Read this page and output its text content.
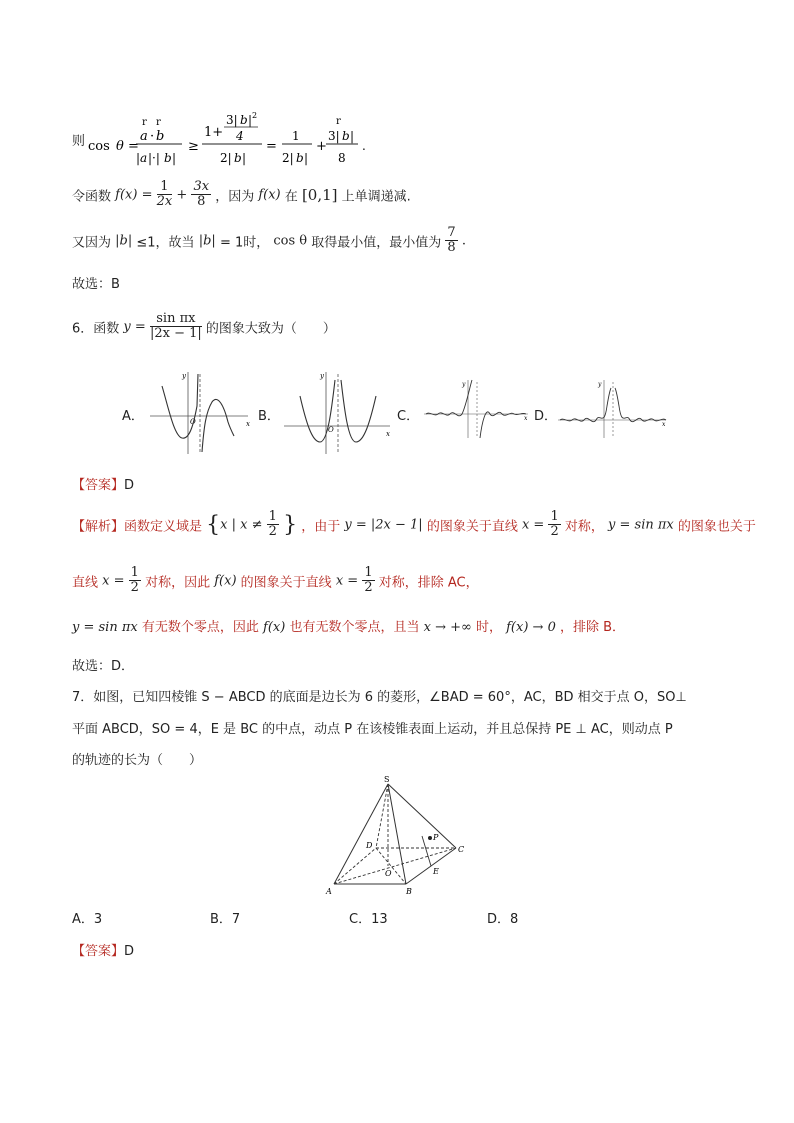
则 cos θ =
r r
a · b
| a |·| b |
≥
1+
3| b | 2
4
2| b |
=
1
2| b |
+
r
3| b |
8
.
令函数 $f(x) = \frac{1}{2x} + \frac{3x}{8}$ ，因为 f(x) 在 [0,1] 上单调递减.
又因为 |b| ≤1，故当 |b| = 1时， cos θ 取得最小值，最小值为 $\frac{7}{8}$ .
故选：B
6．函数 $y = \frac{\text{sin πx}}{|2x - 1|}$ 的图象大致为（　　）
A．
y
x
O	B．
y
x
O
C．
y
x D．
y
x
【答案】D
【解析】函数定义域是 {x | $x \ne \frac{1}{2}$ } ，由于 y = |2x − 1| 的图象关于直线 $x = \frac{1}{2}$ 对称， y = sin πx 的图象也关于
直线 $x = \frac{1}{2}$ 对称，因此 f(x) 的图象关于直线 $x = \frac{1}{2}$ 对称，排除 AC，
y = sin πx 有无数个零点，因此 f(x) 也有无数个零点，且当 x → +∞ 时， f(x) → 0 ，排除 B．
故选：D．
7．如图，已知四棱锥 S − ABCD 的底面是边长为 6 的菱形，∠BAD = 60°，AC，BD 相交于点 O，SO⊥
平面 ABCD，SO = 4，E 是 BC 的中点，动点 P 在该棱锥表面上运动，并且总保持 PE ⊥ AC，则动点 P
的轨迹的长为（　　）
S
A	B
C
D
O	E
P
A．3	B．7	C．13	D．8
【答案】D
